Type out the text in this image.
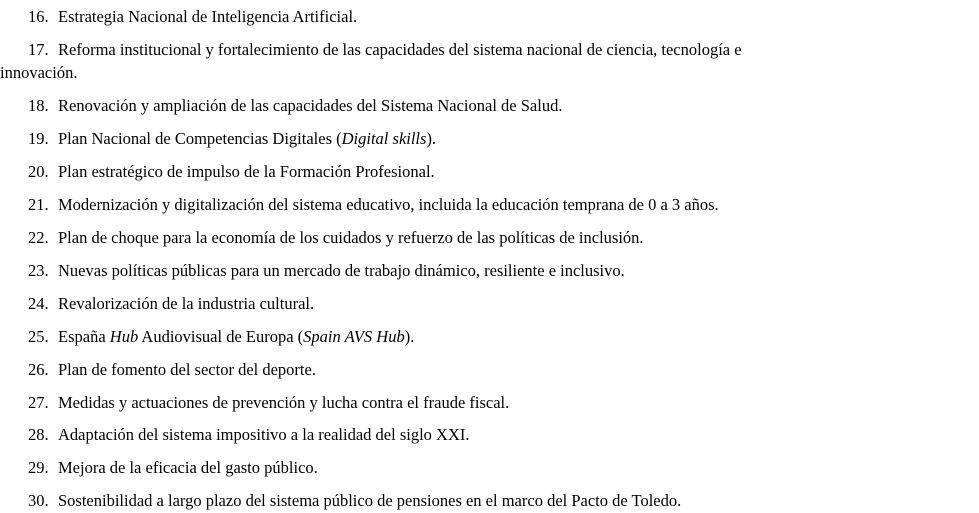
16. Estrategia Nacional de Inteligencia Artificial.
17. Reforma institucional y fortalecimiento de las capacidades del sistema nacional de ciencia, tecnología e
innovación.
18. Renovación y ampliación de las capacidades del Sistema Nacional de Salud.
19. Plan Nacional de Competencias Digitales (Digital skills).
20. Plan estratégico de impulso de la Formación Profesional.
21. Modernización y digitalización del sistema educativo, incluida la educación temprana de 0 a 3 años.
22. Plan de choque para la economía de los cuidados y refuerzo de las políticas de inclusión.
23. Nuevas políticas públicas para un mercado de trabajo dinámico, resiliente e inclusivo.
24. Revalorización de la industria cultural.
25. España Hub Audiovisual de Europa (Spain AVS Hub).
26. Plan de fomento del sector del deporte.
27. Medidas y actuaciones de prevención y lucha contra el fraude fiscal.
28. Adaptación del sistema impositivo a la realidad del siglo XXI.
29. Mejora de la eficacia del gasto público.
30. Sostenibilidad a largo plazo del sistema público de pensiones en el marco del Pacto de Toledo.
